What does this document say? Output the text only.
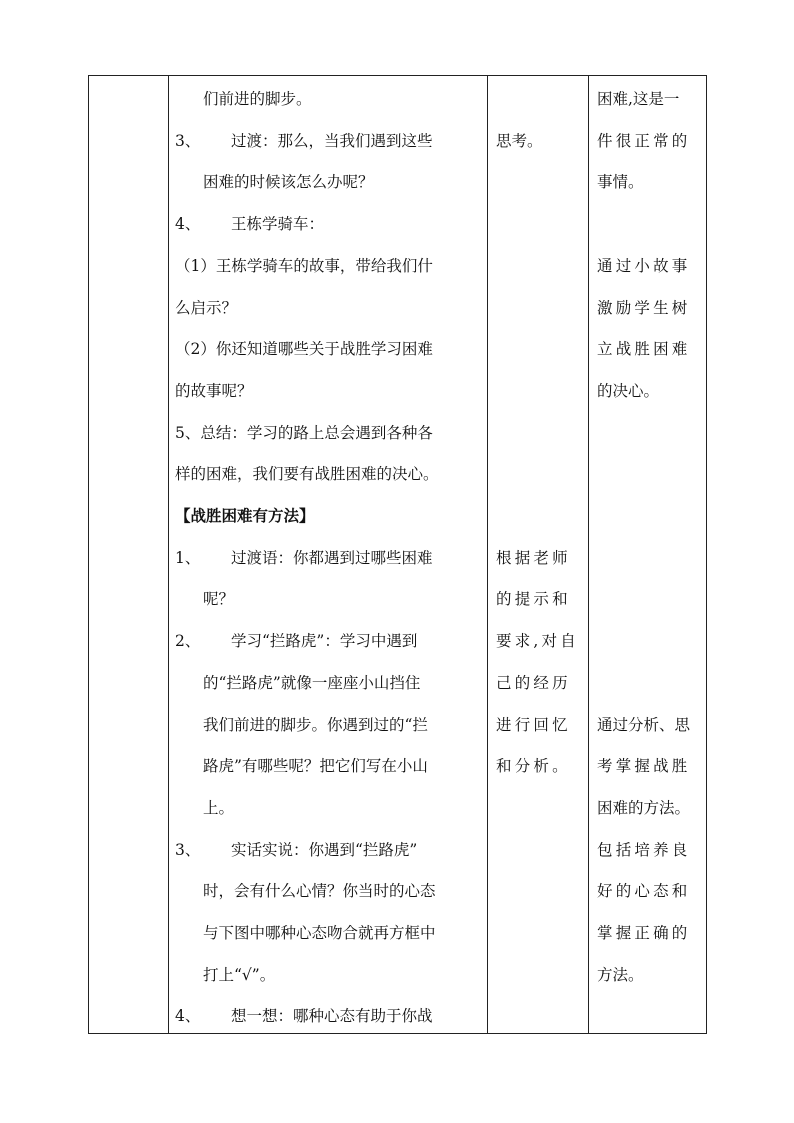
们前进的脚步。
3、 过渡：那么，当我们遇到这些
困难的时候该怎么办呢？
4、 王栋学骑车：
（1）王栋学骑车的故事，带给我们什
么启示？
（2）你还知道哪些关于战胜学习困难
的故事呢？
5、总结：学习的路上总会遇到各种各
样的困难，我们要有战胜困难的决心。
【战胜困难有方法】
1、 过渡语：你都遇到过哪些困难
呢？
2、 学习“拦路虎”：学习中遇到
的“拦路虎”就像一座座小山挡住
我们前进的脚步。你遇到过的“拦
路虎”有哪些呢？把它们写在小山
上。
3、 实话实说：你遇到“拦路虎”
时，会有什么心情？你当时的心态
与下图中哪种心态吻合就再方框中
打上“√”。
4、 想一想：哪种心态有助于你战
思考。
根据老师
的提示和
要求,对自
己的经历
进行回忆
和分析。
困难,这是一
件很正常的
事情。
通过小故事
激励学生树
立战胜困难
的决心。
通过分析、思
考掌握战胜
困难的方法。
包括培养良
好的心态和
掌握正确的
方法。
